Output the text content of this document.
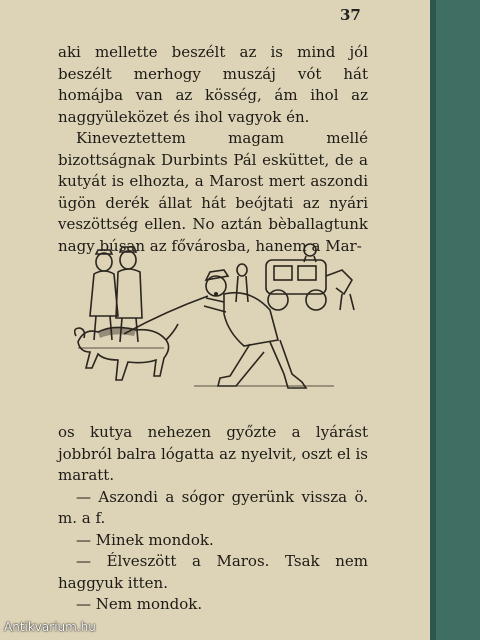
37

aki mellette beszélt az is mind jól beszélt merhogy muszáj vót hát homájba van az kösség, ám ihol az naggyüleközet és ihol vagyok én.

Kineveztettem magam mellé bizottságnak Durbints Pál esküttet, de a kutyát is elhozta, a Marost mert aszondi ügön derék állat hát beójtati az nyári veszöttség ellen. No aztán bèballagtunk nagy búsan az fővárosba, hanem a Mar-

os kutya nehezen győzte a lyárást jobbról balra lógatta az nyelvit, oszt el is maratt.

— Aszondi a sógor gyerünk vissza ö. m. a f.

— Minek mondok.

— Élveszött a Maros. Tsak nem haggyuk itten.

— Nem mondok.

Antikvarium.hu
